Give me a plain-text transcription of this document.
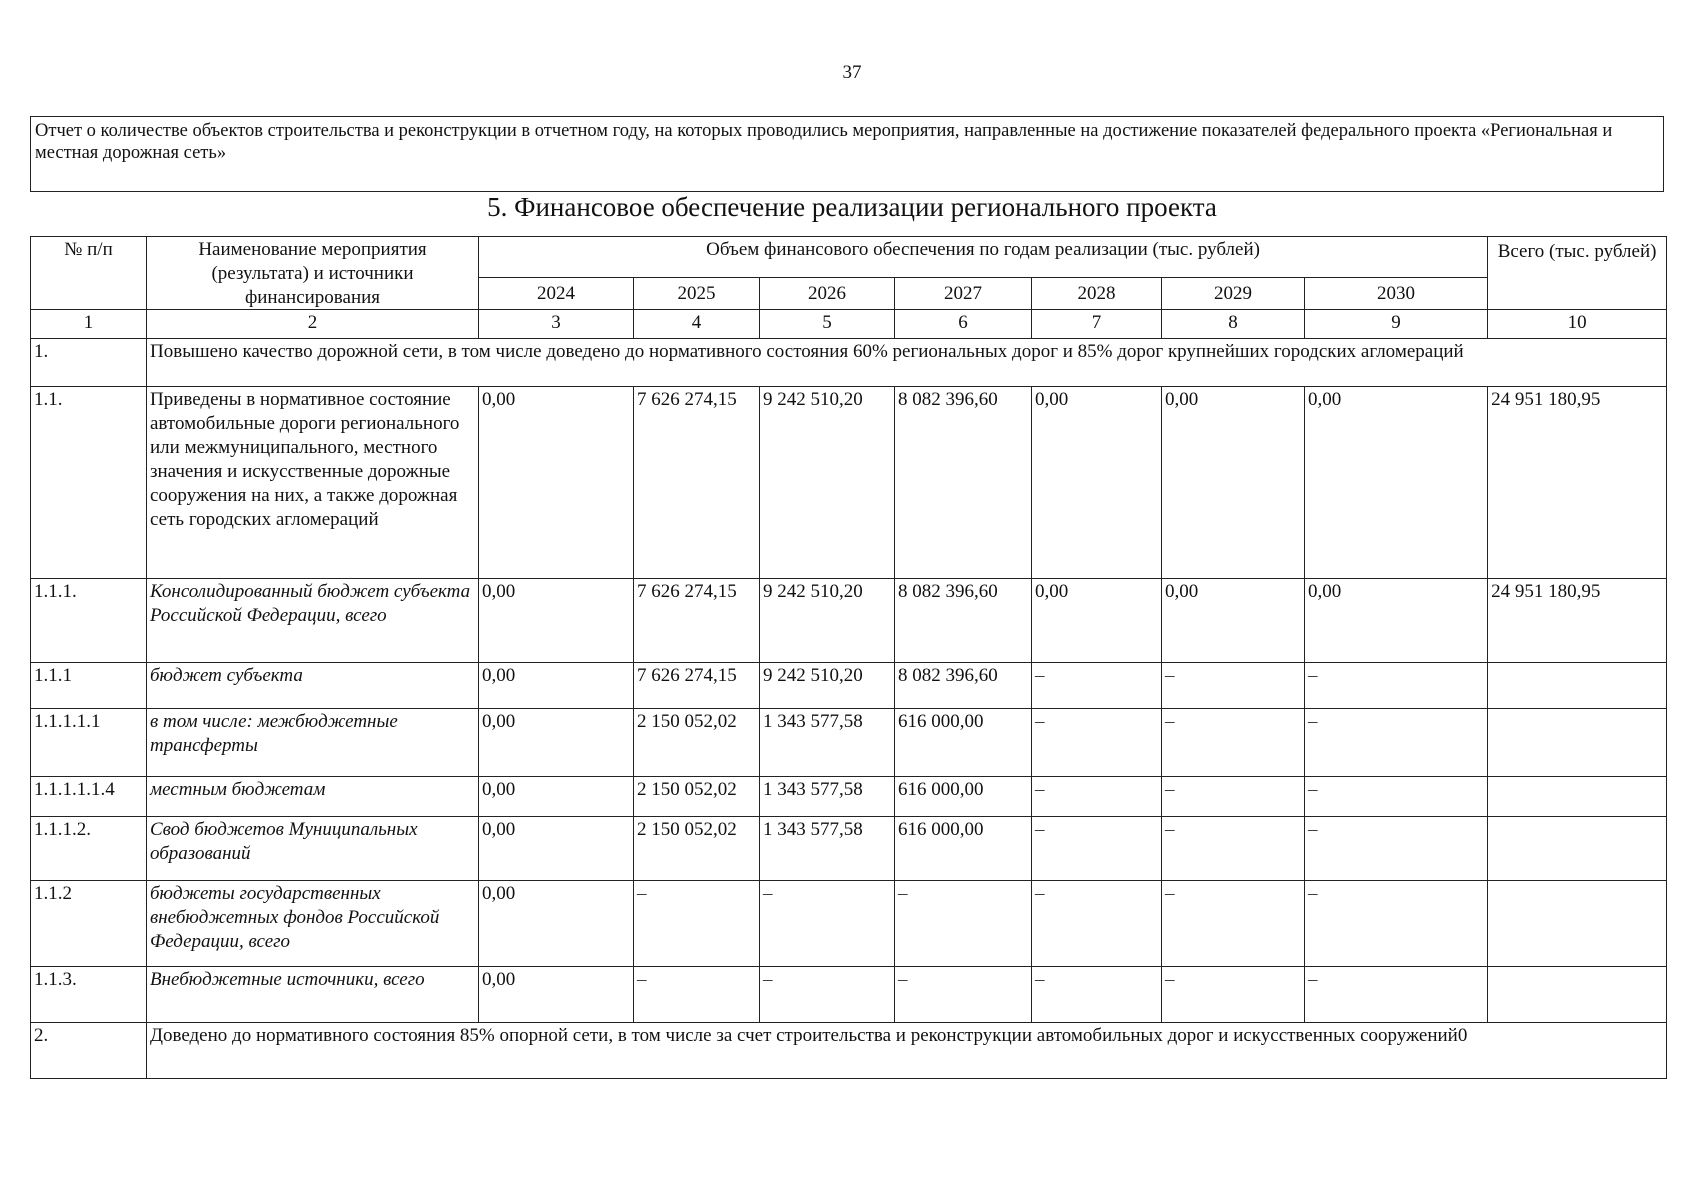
37
Отчет о количестве объектов строительства и реконструкции в отчетном году, на которых проводились мероприятия, направленные на достижение показателей федерального проекта «Региональная и местная дорожная сеть»
5. Финансовое обеспечение реализации регионального проекта
№ п/п	Наименование мероприятия (результата) и источники финансирования	Объем финансового обеспечения по годам реализации (тыс. рублей)							Всего (тыс. рублей)

		2024	2025	2026	2027	2028	2029	2030	
1	2	3	4	5	6	7	8	9	10
1.	Повышено качество дорожной сети, в том числе доведено до нормативного состояния 60% региональных дорог и 85% дорог крупнейших городских агломераций								
1.1.	Приведены в нормативное состояние автомобильные дороги регионального или межмуниципального, местного значения и искусственные дорожные сооружения на них, а также дорожная сеть городских агломераций	0,00	7 626 274,15	9 242 510,20	8 082 396,60	0,00	0,00	0,00	24 951 180,95
1.1.1.	Консолидированный бюджет субъекта Российской Федерации, всего	0,00	7 626 274,15	9 242 510,20	8 082 396,60	0,00	0,00	0,00	24 951 180,95
1.1.1	бюджет субъекта	0,00	7 626 274,15	9 242 510,20	8 082 396,60	–	–	–	
1.1.1.1.1	в том числе: межбюджетные трансферты	0,00	2 150 052,02	1 343 577,58	616 000,00	–	–	–	
1.1.1.1.1.4	местным бюджетам	0,00	2 150 052,02	1 343 577,58	616 000,00	–	–	–	
1.1.1.2.	Свод бюджетов Муниципальных образований	0,00	2 150 052,02	1 343 577,58	616 000,00	–	–	–	
1.1.2	бюджеты государственных внебюджетных фондов Российской Федерации, всего	0,00	–	–	–	–	–	–	
1.1.3.	Внебюджетные источники, всего	0,00	–	–	–	–	–	–	
2.	Доведено до нормативного состояния 85% опорной сети, в том числе за счет строительства и реконструкции автомобильных дорог и искусственных сооружений0								
